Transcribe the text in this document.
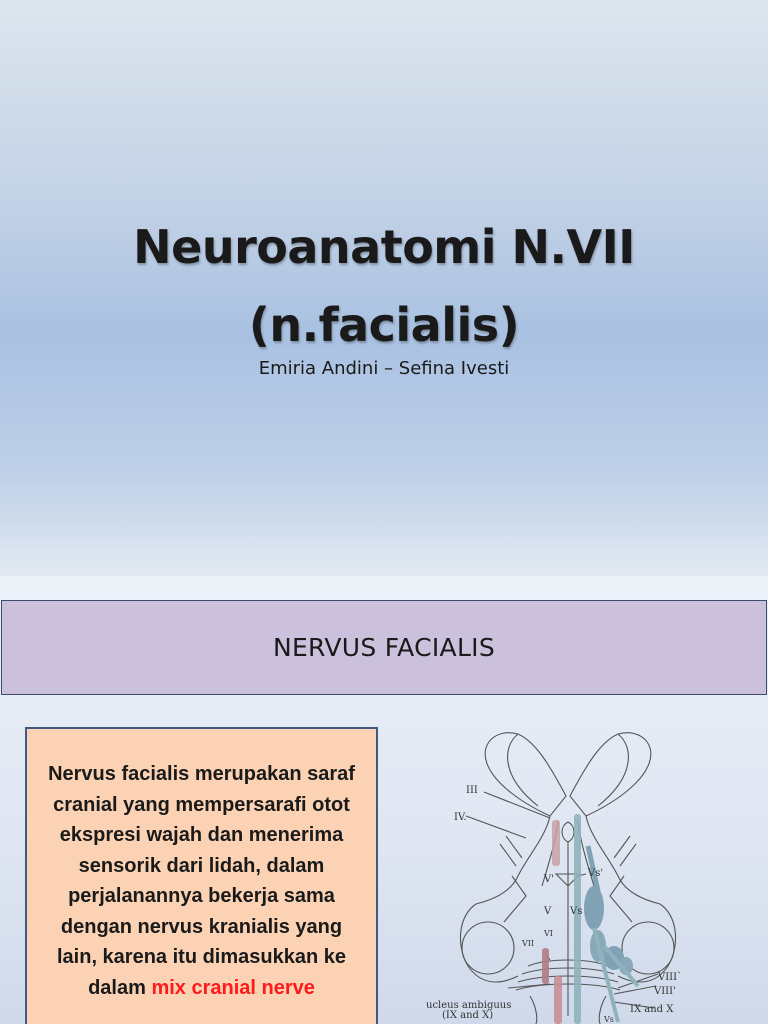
Neuroanatomi N.VII
(n.facialis)
Emiria Andini – Sefina Ivesti
NERVUS FACIALIS
Nervus facialis merupakan saraf cranial yang mempersarafi otot ekspresi wajah dan menerima sensorik dari lidah, dalam perjalanannya bekerja sama dengan nervus kranialis yang lain, karena itu dimasukkan ke dalam mix cranial nerve
III
IV.
Vs'
V'
V Vs
VI
VII
VIII`
VIII'
ucleus ambiguus
(IX and X)
IX and X
Vs
